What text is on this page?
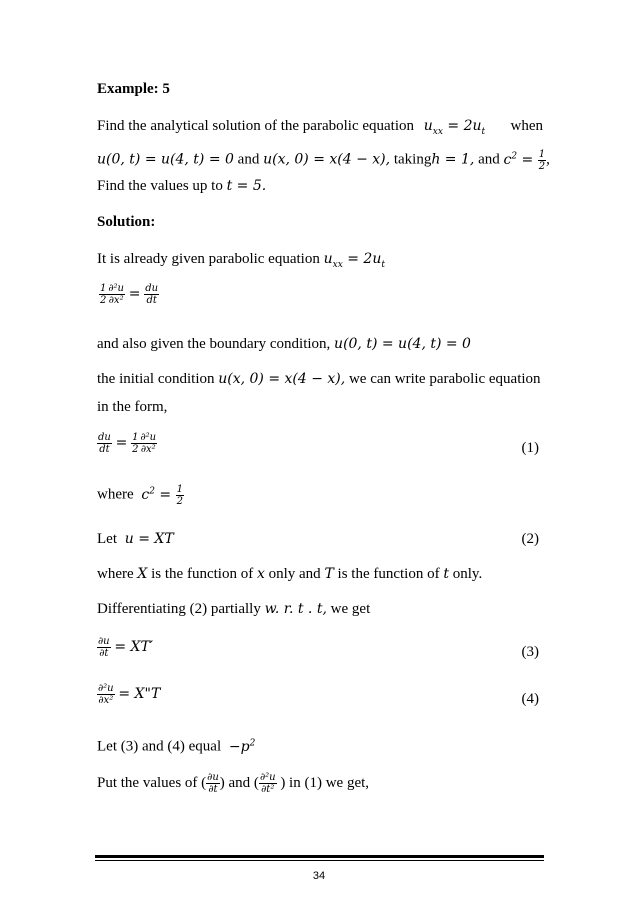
Example: 5
Find the analytical solution of the parabolic equation $u_{xx} = 2u_t$ when
u(0, t) = u(4, t) = 0 and u(x, 0) = x(4 − x), takingh = 1, and $c^2 = \frac{1}{2}$ ,
Find the values up to t = 5.
Solution:
It is already given parabolic equation $u_{xx} = 2u_t$
$\frac{1}{2} \frac{\text{∂²u}}{\text{∂x²}} = \frac{du}{dt}$
and also given the boundary condition, u(0, t) = u(4, t) = 0
the initial condition u(x, 0) = x(4 − x), we can write parabolic equation
in the form,
$\frac{du}{dt} = \frac{1}{2} \frac{\text{∂²u}}{\text{∂x²}}$	(1)
where $c^2 = \frac{1}{2}$
Let u = XT	(2)
where X is the function of x only and T is the function of t only.
Differentiating (2) partially w. r. t . t, we get
$\frac{\partial u}{\partial t} = XT'$	(3)
$\frac{\text{∂²u}}{\text{∂x²}}$ = X"T	(4)
Let (3) and (4) equal $-p^2$
Put the values of ( $\frac{\partial u}{\partial t}$ ) and ( $\frac{\text{∂²u}}{\text{∂t²}}$ ) in (1) we get,
34
